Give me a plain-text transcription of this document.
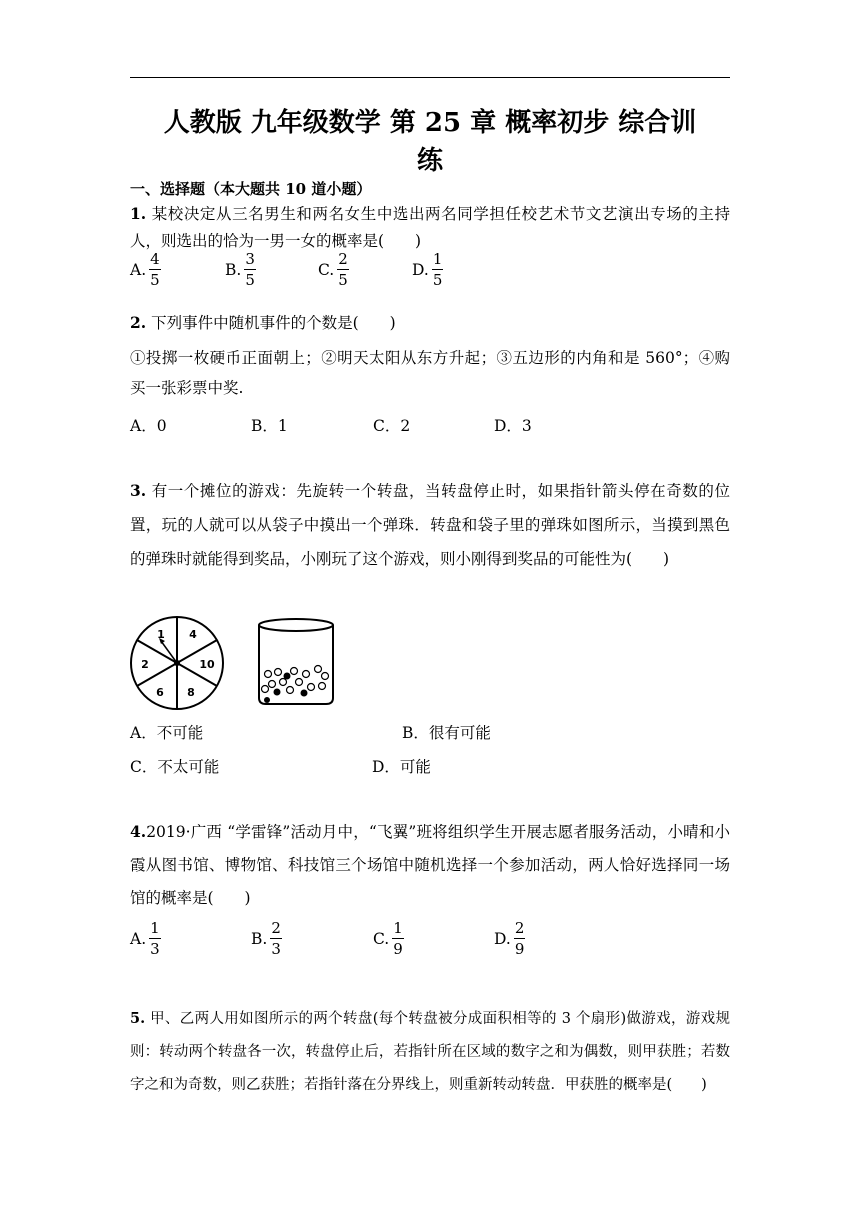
人教版 九年级数学 第 25 章 概率初步 综合训
练
一、选择题（本大题共 10 道小题）
1. 某校决定从三名男生和两名女生中选出两名同学担任校艺术节文艺演出专场的主持人，则选出的恰为一男一女的概率是(　　)
A. $\frac{4}{5}$	B. $\frac{3}{5}$	C. $\frac{2}{5}$	D. $\frac{1}{5}$
2. 下列事件中随机事件的个数是(　　)
①投掷一枚硬币正面朝上；②明天太阳从东方升起；③五边形的内角和是 560°；④购买一张彩票中奖.
A．0	B．1	C．2	D．3
3. 有一个摊位的游戏：先旋转一个转盘，当转盘停止时，如果指针箭头停在奇数的位置，玩的人就可以从袋子中摸出一个弹珠．转盘和袋子里的弹珠如图所示，当摸到黑色的弹珠时就能得到奖品，小刚玩了这个游戏，则小刚得到奖品的可能性为(　　)
1 4
10
8
6
2
A．不可能	B．很有可能
C．不太可能	D．可能
4.2019·广西 “学雷锋”活动月中，“飞翼”班将组织学生开展志愿者服务活动，小晴和小霞从图书馆、博物馆、科技馆三个场馆中随机选择一个参加活动，两人恰好选择同一场馆的概率是(　　)
A. $\frac{1}{3}$	B. $\frac{2}{3}$	C. $\frac{1}{9}$	D. $\frac{2}{9}$
5. 甲、乙两人用如图所示的两个转盘(每个转盘被分成面积相等的 3 个扇形)做游戏，游戏规则：转动两个转盘各一次，转盘停止后，若指针所在区域的数字之和为偶数，则甲获胜；若数字之和为奇数，则乙获胜；若指针落在分界线上，则重新转动转盘．甲获胜的概率是(　　)
